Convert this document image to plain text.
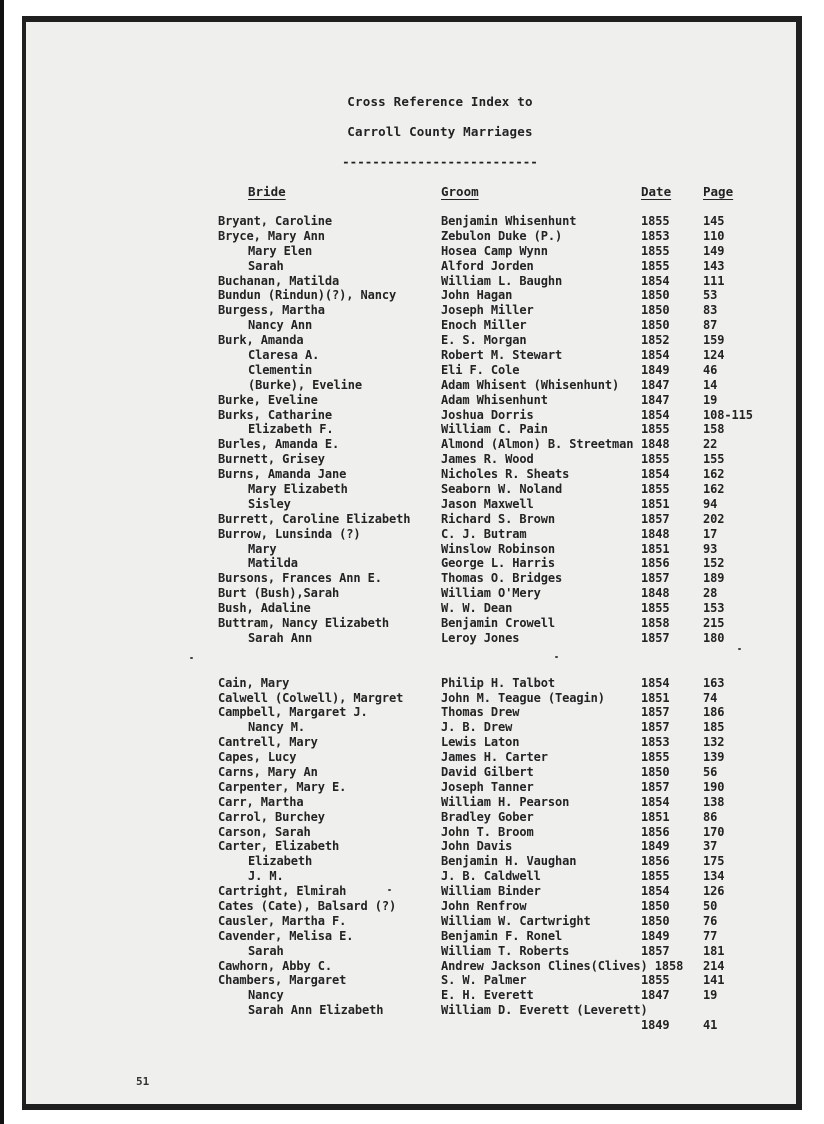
Cross Reference Index to
Carroll County Marriages
--------------------------
Bride	Groom	Date	Page
Bryant, Caroline	Benjamin Whisenhunt	1855	145
Bryce, Mary Ann	Zebulon Duke (P.)	1853	110
Mary Elen	Hosea Camp Wynn	1855	149
Sarah	Alford Jorden	1855	143
Buchanan, Matilda	William L. Baughn	1854	111
Bundun (Rindun)(?), Nancy	John Hagan	1850	53
Burgess, Martha	Joseph Miller	1850	83
Nancy Ann	Enoch Miller	1850	87
Burk, Amanda	E. S. Morgan	1852	159
Claresa A.	Robert M. Stewart	1854	124
Clementin	Eli F. Cole	1849	46
(Burke), Eveline	Adam Whisent (Whisenhunt) 1847	14
Burke, Eveline	Adam Whisenhunt	1847	19
Burks, Catharine	Joshua Dorris	1854	108-115
Elizabeth F.	William C. Pain	1855	158
Burles, Amanda E.	Almond (Almon) B. Streetman 1848	22
Burnett, Grisey	James R. Wood	1855	155
Burns, Amanda Jane	Nicholes R. Sheats	1854	162
Mary Elizabeth	Seaborn W. Noland	1855	162
Sisley	Jason Maxwell	1851	94
Burrett, Caroline Elizabeth	Richard S. Brown	1857	202
Burrow, Lunsinda (?)	C. J. Butram	1848	17
Mary	Winslow Robinson	1851	93
Matilda	George L. Harris	1856	152
Bursons, Frances Ann E.	Thomas O. Bridges	1857	189
Burt (Bush),Sarah	William O'Mery	1848	28
Bush, Adaline	W. W. Dean	1855	153
Buttram, Nancy Elizabeth	Benjamin Crowell	1858	215
Sarah Ann	Leroy Jones	1857	180
Cain, Mary	Philip H. Talbot	1854	163
Calwell (Colwell), Margret	John M. Teague (Teagin)	1851	74
Campbell, Margaret J.	Thomas Drew	1857	186
Nancy M.	J. B. Drew	1857	185
Cantrell, Mary	Lewis Laton	1853	132
Capes, Lucy	James H. Carter	1855	139
Carns, Mary An	David Gilbert	1850	56
Carpenter, Mary E.	Joseph Tanner	1857	190
Carr, Martha	William H. Pearson	1854	138
Carrol, Burchey	Bradley Gober	1851	86
Carson, Sarah	John T. Broom	1856	170
Carter, Elizabeth	John Davis	1849	37
Elizabeth	Benjamin H. Vaughan	1856	175
J. M.	J. B. Caldwell	1855	134
Cartright, Elmirah	William Binder	1854	126
Cates (Cate), Balsard (?)	John Renfrow	1850	50
Causler, Martha F.	William W. Cartwright	1850	76
Cavender, Melisa E.	Benjamin F. Ronel	1849	77
Sarah	William T. Roberts	1857	181
Cawhorn, Abby C.	Andrew Jackson Clines(Clives) 1858 214
Chambers, Margaret	S. W. Palmer	1855	141
Nancy	E. H. Everett	1847	19
Sarah Ann Elizabeth	William D. Everett (Leverett)
1849	41
51
